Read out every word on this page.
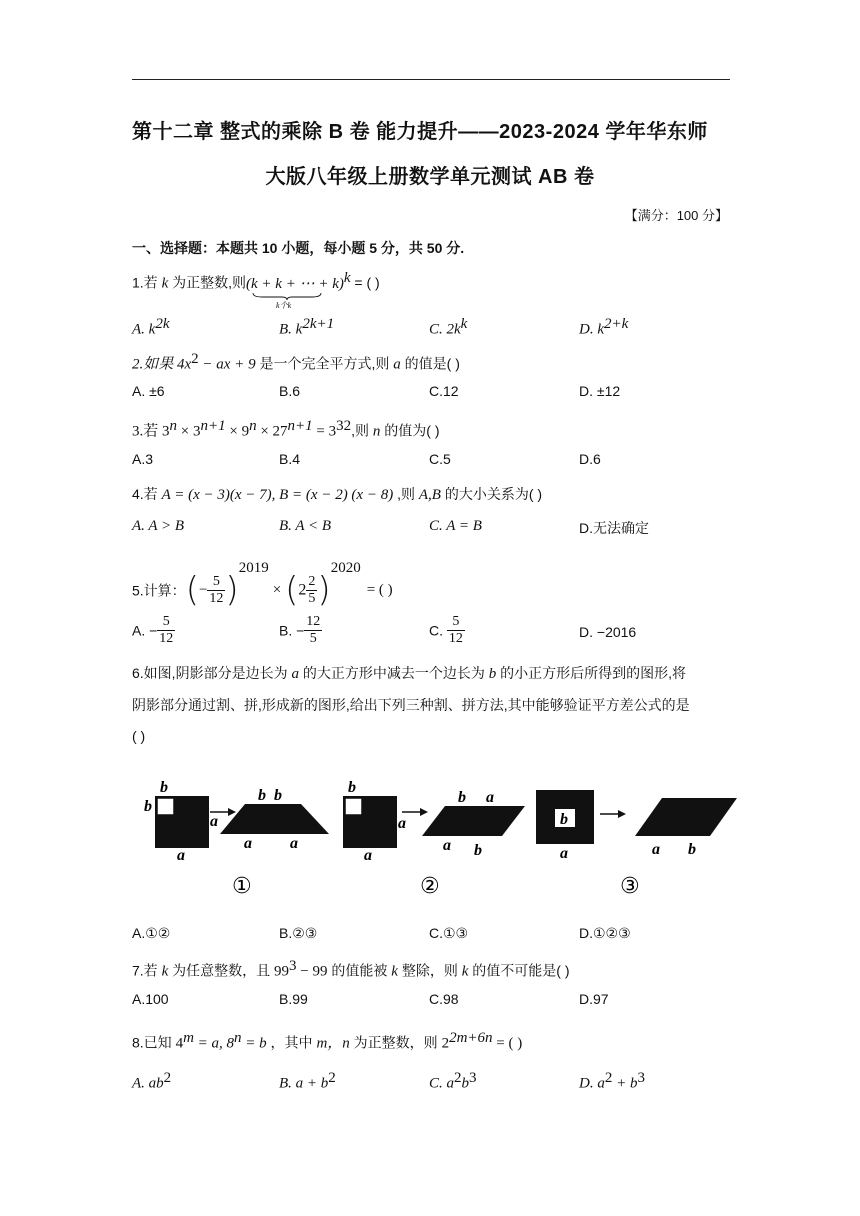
第十二章 整式的乘除 B 卷 能力提升——2023-2024 学年华东师
大版八年级上册数学单元测试 AB 卷
【满分：100 分】
一、选择题：本题共 10 小题，每小题 5 分，共 50 分.
1.若 k 为正整数,则(k + k + ⋯ + k)
k个k
$^k$ = ( )
A. $k^{2k}$	B. $k^{2k+1}$	C. $2k^k$	D. $k^{2+k}$
2.如果 $4x^2$ − ax + 9 是一个完全平方式,则 a 的值是( )
A. ±6	B.6	C.12	D. ±12
3.若 $3^n \times 3^{n+1} \times 9^n \times 27^{n+1} = 3^{32}$,则 n 的值为( )
A.3	B.4	C.5	D.6
4.若 A = (x − 3)(x − 7), B = (x − 2) (x − 8) ,则 A,B 的大小关系为( )
A. A > B	B. A < B	C. A = B	D.无法确定
5.计算：(− $\frac{5}{12} )^{2019}\times (2 \frac{2}{5} )^{2020}=$ ( )
A. − $\frac{5}{12}$	B. − $\frac{12}{5}$	C. $\frac{5}{12}$	D. −2016
6.如图,阴影部分是边长为 a 的大正方形中减去一个边长为 b 的小正方形后所得到的图形,将
阴影部分通过割、拼,形成新的图形,给出下列三种割、拼方法,其中能够验证平方差公式的是
( )
b
b
a
a
b b
a a
①
b
a
a
b a
a b
②
b
a	a b
③
A.①②	B.②③	C.①③	D.①②③
7.若 k 为任意整数，且 $99^3 - 99$ 的值能被 k 整除，则 k 的值不可能是( )
A.100	B.99	C.98	D.97
8.已知 $4^m = a$, $8^n = b$ ，其中 m，n 为正整数，则 $2^{2m+6n}$ = ( )
A. $ab^2$	B. $a + b^2$	C. $a^2b^3$	D. $a^2 + b^3$
